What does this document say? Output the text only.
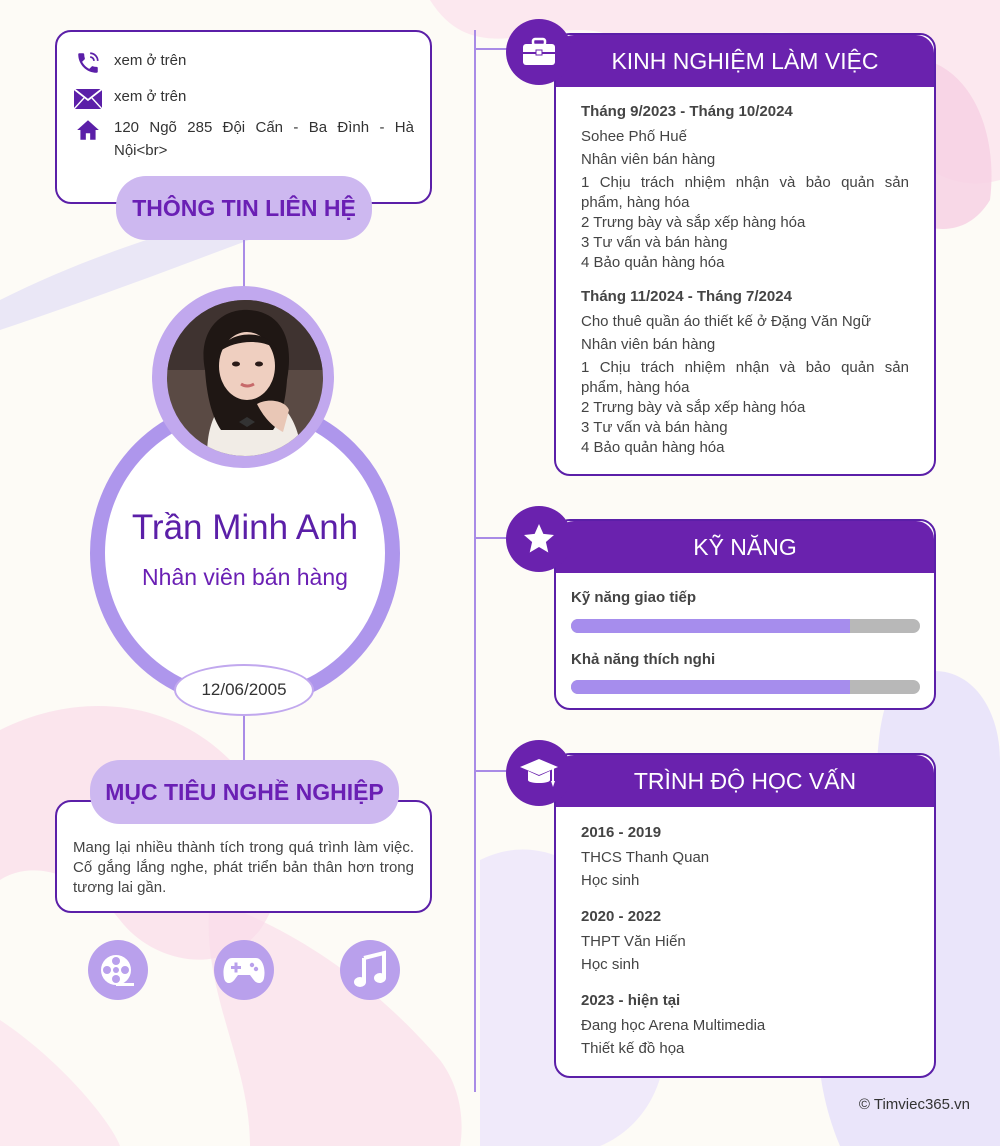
xem ở trên
xem ở trên
120 Ngõ 285 Đội Cấn - Ba Đình - Hà
Nội<br>
THÔNG TIN LIÊN HỆ
Trần Minh Anh
Nhân viên bán hàng
12/06/2005
Mang lại nhiều thành tích trong quá trình làm việc. Cố gắng lắng nghe, phát triển bản thân hơn trong tương lai gần.
MỤC TIÊU NGHỀ NGHIỆP
KINH NGHIỆM LÀM VIỆC
Tháng 9/2023 - Tháng 10/2024
Sohee Phố Huế
Nhân viên bán hàng
1 Chịu trách nhiệm nhận và bảo quản sản
phẩm, hàng hóa
2 Trưng bày và sắp xếp hàng hóa
3 Tư vấn và bán hàng
4 Bảo quản hàng hóa
Tháng 11/2024 - Tháng 7/2024
Cho thuê quần áo thiết kế ở Đặng Văn Ngữ
Nhân viên bán hàng
1 Chịu trách nhiệm nhận và bảo quản sản
phẩm, hàng hóa
2 Trưng bày và sắp xếp hàng hóa
3 Tư vấn và bán hàng
4 Bảo quản hàng hóa
KỸ NĂNG
Kỹ năng giao tiếp
Khả năng thích nghi
TRÌNH ĐỘ HỌC VẤN
2016 - 2019
THCS Thanh Quan
Học sinh
2020 - 2022
THPT Văn Hiến
Học sinh
2023 - hiện tại
Đang học Arena Multimedia
Thiết kế đồ họa
© Timviec365.vn
